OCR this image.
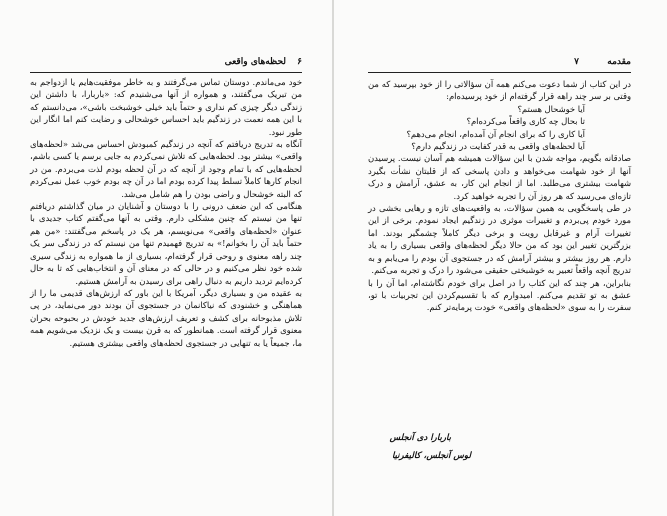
۶
لحظه‌های واقعی

خود می‌ماندم. دوستان تماس می‌گرفتند و به خاطر موفقیت‌هایم یا ازدواجم به من تبریک می‌گفتند، و همواره از آنها می‌شنیدم که: «باربارا، با داشتن این زندگی دیگر چیزی کم نداری و حتماً باید خیلی خوشبخت باشی»، می‌دانستم که با این همه نعمت در زندگیم باید احساس خوشحالی و رضایت کنم اما انگار این طور نبود.

آنگاه به تدریج دریافتم که آنچه در زندگیم کمبودش احساس می‌شد «لحظه‌های واقعی» بیشتر بود. لحظه‌هایی که تلاش نمی‌کردم به جایی برسم یا کسی باشم، لحظه‌هایی که با تمام وجود از آنچه که در آن لحظه بودم لذت می‌بردم. من در انجام کارها کاملاً تسلط پیدا کرده بودم اما در آن چه بودم خوب عمل نمی‌کردم که البته خوشحال و راضی بودن را هم شامل می‌شد.

هنگامی که این ضعف درونی را با دوستان و آشنایان در میان گذاشتم دریافتم تنها من نیستم که چنین مشکلی دارم. وقتی به آنها می‌گفتم کتاب جدیدی با عنوان «لحظه‌های واقعی» می‌نویسم، هر یک در پاسخم می‌گفتند: «من هم حتماً باید آن را بخوانم!» به تدریج فهمیدم تنها من نیستم که در زندگی سر یک چند راهه معنوی و روحی قرار گرفته‌ام، بسیاری از ما همواره به زندگی سیری شده خود نظر می‌کنیم و در حالی که در معنای آن و انتخاب‌هایی که تا به حال کرده‌ایم تردید داریم به دنبال راهی برای رسیدن به آرامش هستیم.

به عقیده من و بسیاری دیگر، آمریکا با این باور که ارزش‌های قدیمی ما را از هماهنگی و خشنودی که نیاکانمان در جستجوی آن بودند دور می‌نماید، در پی تلاش مذبوحانه برای کشف و تعریف ارزش‌های جدید خودش در بحبوحه بحران معنوی قرار گرفته است. همانطور که به قرن بیست و یک نزدیک می‌شویم همه ما، جمیعاً یا به تنهایی در جستجوی لحظه‌های واقعی بیشتری هستیم.

مقدمه
۷

در این کتاب از شما دعوت می‌کنم همه آن سؤالاتی را از خود بپرسید که من وقتی بر سر چند راهه قرار گرفته‌ام از خود پرسیده‌ام:

آیا خوشحال هستم؟

تا بحال چه کاری واقعاً می‌کرده‌ام؟

آیا کاری را که برای انجام آن آمده‌ام، انجام می‌دهم؟

آیا لحظه‌های واقعی به قدر کفایت در زندگیم دارم؟

صادقانه بگویم، مواجه شدن با این سؤالات همیشه هم آسان نیست. پرسیدن آنها از خود شهامت می‌خواهد و دادن پاسخی که از قلبتان نشأت بگیرد شهامت بیشتری می‌طلبد. اما از انجام این کار، به عشق، آرامش و درک تازه‌ای می‌رسید که هر روز آن را تجربه خواهید کرد.

در طی پاسخگویی به همین سؤالات، به واقعیت‌های تازه و رهایی بخشی در مورد خودم پی‌بردم و تغییرات موثری در زندگیم ایجاد نمودم. برخی از این تغییرات آرام و غیرقابل رویت و برخی دیگر کاملاً چشمگیر بودند. اما بزرگترین تغییر این بود که من حالا دیگر لحظه‌های واقعی بسیاری را به یاد دارم. هر روز بیشتر و بیشتر آرامش که در جستجوی آن بودم را می‌یابم و به تدریج آنچه واقعاً تعبیر به خوشبختی حقیقی می‌شود را درک و تجربه می‌کنم.

بنابراین، هر چند که این کتاب را در اصل برای خودم نگاشته‌ام، اما آن را با عشق به تو تقدیم می‌کنم. امیدوارم که با تقسیم‌کردن این تجربیات با تو، سفرت را به سوی «لحظه‌های واقعی» خودت پرمایه‌تر کنم.

باربارا دی آنجلس
لوس آنجلس، کالیفرنیا
